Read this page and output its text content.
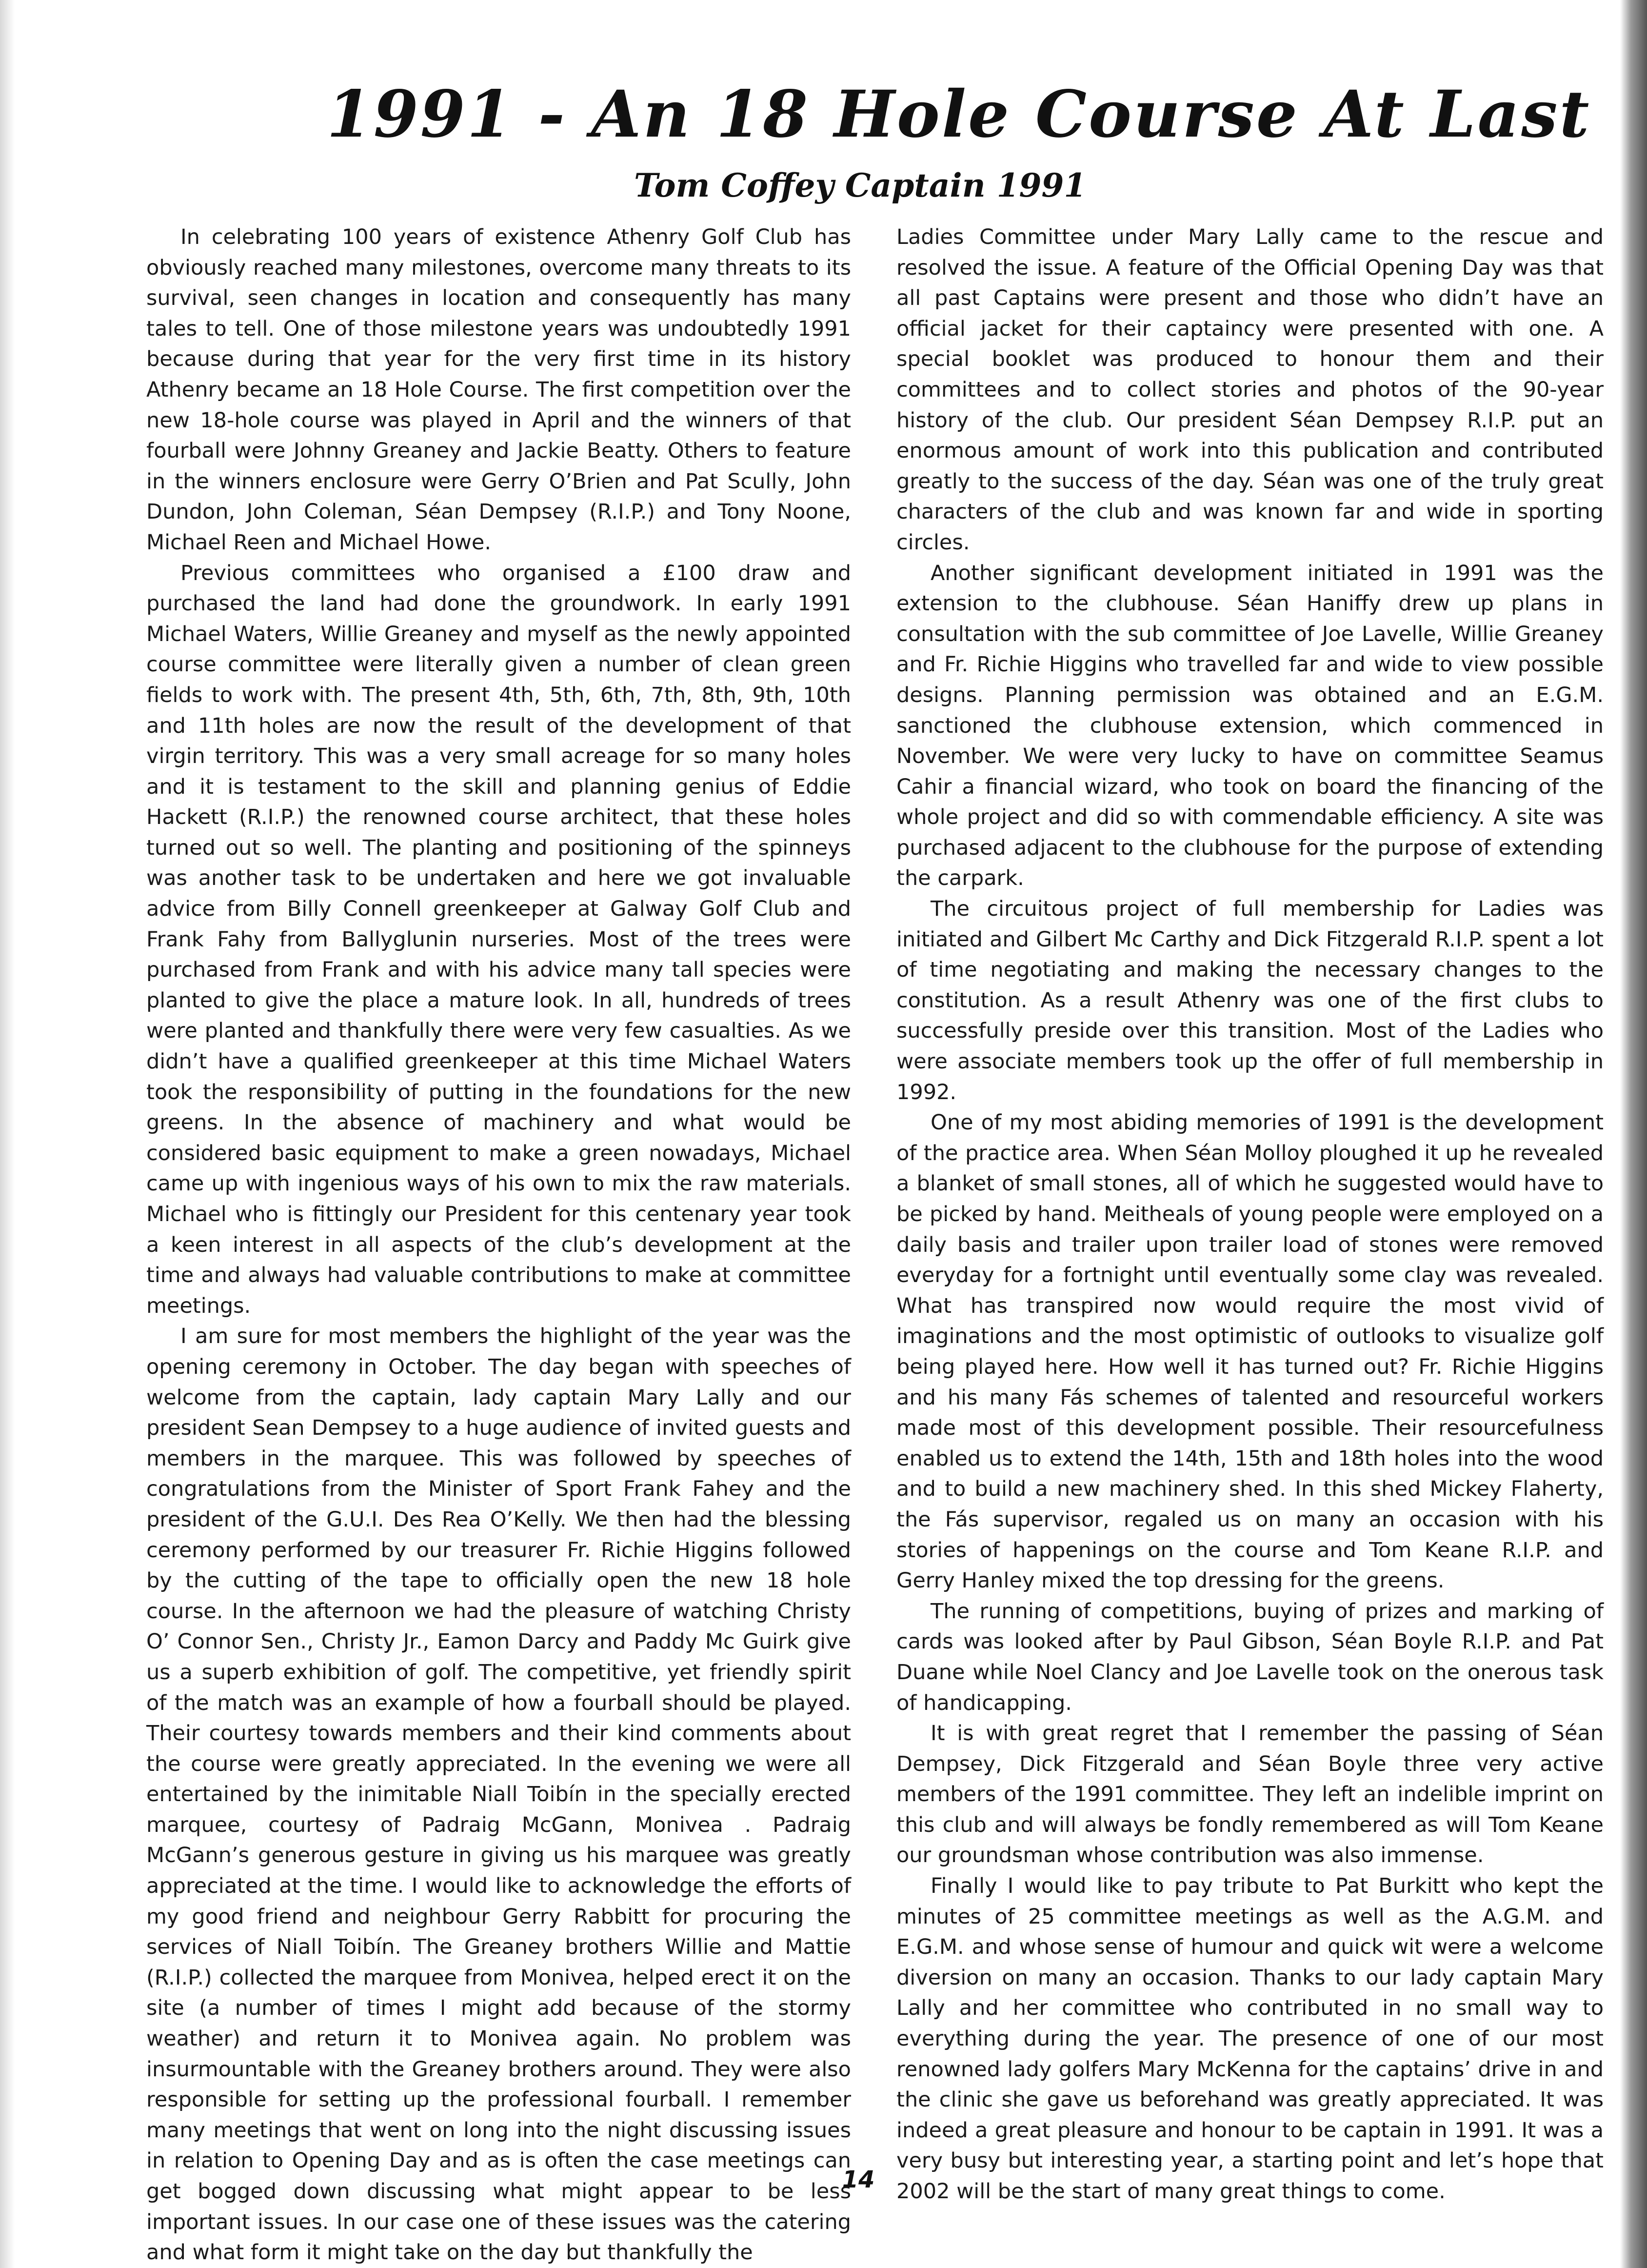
1991 - An 18 Hole Course At Last
Tom Coffey Captain 1991

In celebrating 100 years of existence Athenry Golf Club has obviously reached many milestones, overcome many threats to its survival, seen changes in location and consequently has many tales to tell. One of those milestone years was undoubtedly 1991 because during that year for the very first time in its history Athenry became an 18 Hole Course. The first competition over the new 18-hole course was played in April and the winners of that fourball were Johnny Greaney and Jackie Beatty. Others to feature in the winners enclosure were Gerry O’Brien and Pat Scully, John Dundon, John Coleman, Séan Dempsey (R.I.P.) and Tony Noone, Michael Reen and Michael Howe.

Previous committees who organised a £100 draw and purchased the land had done the groundwork. In early 1991 Michael Waters, Willie Greaney and myself as the newly appointed course committee were literally given a number of clean green fields to work with. The present 4th, 5th, 6th, 7th, 8th, 9th, 10th and 11th holes are now the result of the development of that virgin territory. This was a very small acreage for so many holes and it is testament to the skill and planning genius of Eddie Hackett (R.I.P.) the renowned course architect, that these holes turned out so well. The planting and positioning of the spinneys was another task to be undertaken and here we got invaluable advice from Billy Connell greenkeeper at Galway Golf Club and Frank Fahy from Ballyglunin nurseries. Most of the trees were purchased from Frank and with his advice many tall species were planted to give the place a mature look. In all, hundreds of trees were planted and thankfully there were very few casualties. As we didn’t have a qualified greenkeeper at this time Michael Waters took the responsibility of putting in the foundations for the new greens. In the absence of machinery and what would be considered basic equipment to make a green nowadays, Michael came up with ingenious ways of his own to mix the raw materials. Michael who is fittingly our President for this centenary year took a keen interest in all aspects of the club’s development at the time and always had valuable contributions to make at committee meetings.

I am sure for most members the highlight of the year was the opening ceremony in October. The day began with speeches of welcome from the captain, lady captain Mary Lally and our president Sean Dempsey to a huge audience of invited guests and members in the marquee. This was followed by speeches of congratulations from the Minister of Sport Frank Fahey and the president of the G.U.I. Des Rea O’Kelly. We then had the blessing ceremony performed by our treasurer Fr. Richie Higgins followed by the cutting of the tape to officially open the new 18 hole course. In the afternoon we had the pleasure of watching Christy O’ Connor Sen., Christy Jr., Eamon Darcy and Paddy Mc Guirk give us a superb exhibition of golf. The competitive, yet friendly spirit of the match was an example of how a fourball should be played. Their courtesy towards members and their kind comments about the course were greatly appreciated. In the evening we were all entertained by the inimitable Niall Toibín in the specially erected marquee, courtesy of Padraig McGann, Monivea . Padraig McGann’s generous gesture in giving us his marquee was greatly appreciated at the time. I would like to acknowledge the efforts of my good friend and neighbour Gerry Rabbitt for procuring the services of Niall Toibín. The Greaney brothers Willie and Mattie (R.I.P.) collected the marquee from Monivea, helped erect it on the site (a number of times I might add because of the stormy weather) and return it to Monivea again. No problem was insurmountable with the Greaney brothers around. They were also responsible for setting up the professional fourball. I remember many meetings that went on long into the night discussing issues in relation to Opening Day and as is often the case meetings can get bogged down discussing what might appear to be less important issues. In our case one of these issues was the catering and what form it might take on the day but thankfully the

Ladies Committee under Mary Lally came to the rescue and resolved the issue. A feature of the Official Opening Day was that all past Captains were present and those who didn’t have an official jacket for their captaincy were presented with one. A special booklet was produced to honour them and their committees and to collect stories and photos of the 90-year history of the club. Our president Séan Dempsey R.I.P. put an enormous amount of work into this publication and contributed greatly to the success of the day. Séan was one of the truly great characters of the club and was known far and wide in sporting circles.

Another significant development initiated in 1991 was the extension to the clubhouse. Séan Haniffy drew up plans in consultation with the sub committee of Joe Lavelle, Willie Greaney and Fr. Richie Higgins who travelled far and wide to view possible designs. Planning permission was obtained and an E.G.M. sanctioned the clubhouse extension, which commenced in November. We were very lucky to have on committee Seamus Cahir a financial wizard, who took on board the financing of the whole project and did so with commendable efficiency. A site was purchased adjacent to the clubhouse for the purpose of extending the carpark.

The circuitous project of full membership for Ladies was initiated and Gilbert Mc Carthy and Dick Fitzgerald R.I.P. spent a lot of time negotiating and making the necessary changes to the constitution. As a result Athenry was one of the first clubs to successfully preside over this transition. Most of the Ladies who were associate members took up the offer of full membership in 1992.

One of my most abiding memories of 1991 is the development of the practice area. When Séan Molloy ploughed it up he revealed a blanket of small stones, all of which he suggested would have to be picked by hand. Meitheals of young people were employed on a daily basis and trailer upon trailer load of stones were removed everyday for a fortnight until eventually some clay was revealed. What has transpired now would require the most vivid of imaginations and the most optimistic of outlooks to visualize golf being played here. How well it has turned out? Fr. Richie Higgins and his many Fás schemes of talented and resourceful workers made most of this development possible. Their resourcefulness enabled us to extend the 14th, 15th and 18th holes into the wood and to build a new machinery shed. In this shed Mickey Flaherty, the Fás supervisor, regaled us on many an occasion with his stories of happenings on the course and Tom Keane R.I.P. and Gerry Hanley mixed the top dressing for the greens.

The running of competitions, buying of prizes and marking of cards was looked after by Paul Gibson, Séan Boyle R.I.P. and Pat Duane while Noel Clancy and Joe Lavelle took on the onerous task of handicapping.

It is with great regret that I remember the passing of Séan Dempsey, Dick Fitzgerald and Séan Boyle three very active members of the 1991 committee. They left an indelible imprint on this club and will always be fondly remembered as will Tom Keane our groundsman whose contribution was also immense.

Finally I would like to pay tribute to Pat Burkitt who kept the minutes of 25 committee meetings as well as the A.G.M. and E.G.M. and whose sense of humour and quick wit were a welcome diversion on many an occasion. Thanks to our lady captain Mary Lally and her committee who contributed in no small way to everything during the year. The presence of one of our most renowned lady golfers Mary McKenna for the captains’ drive in and the clinic she gave us beforehand was greatly appreciated. It was indeed a great pleasure and honour to be captain in 1991. It was a very busy but interesting year, a starting point and let’s hope that 2002 will be the start of many great things to come.

14
